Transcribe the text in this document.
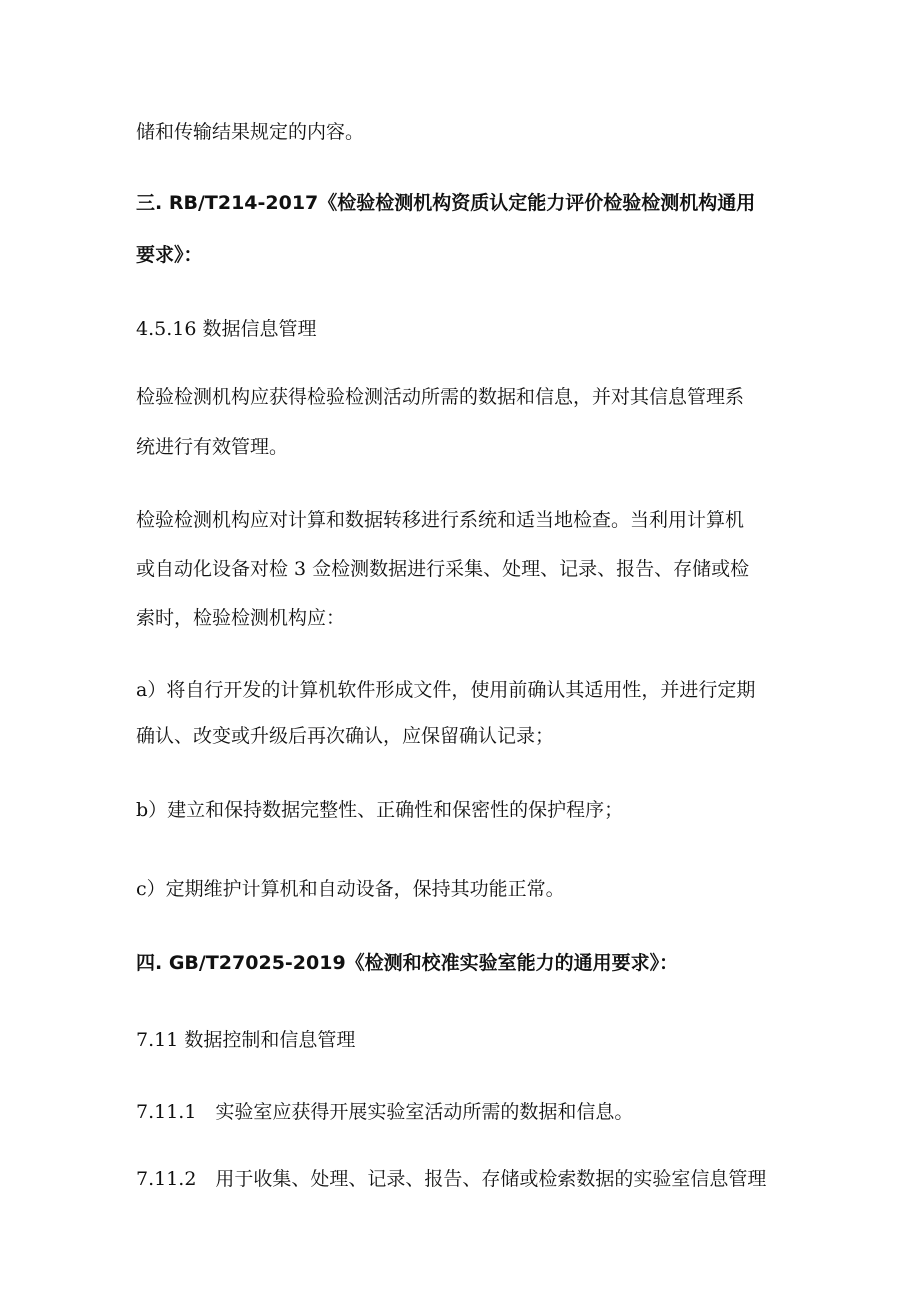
储和传输结果规定的内容。

三. RB/T214-2017《检验检测机构资质认定能力评价检验检测机构通用

要求》：

4.5.16 数据信息管理

检验检测机构应获得检验检测活动所需的数据和信息，并对其信息管理系

统进行有效管理。

检验检测机构应对计算和数据转移进行系统和适当地检查。当利用计算机

或自动化设备对检 3 佥检测数据进行采集、处理、记录、报告、存储或检

索时，检验检测机构应：

a）将自行开发的计算机软件形成文件，使用前确认其适用性，并进行定期

确认、改变或升级后再次确认，应保留确认记录；

b）建立和保持数据完整性、正确性和保密性的保护程序；

c）定期维护计算机和自动设备，保持其功能正常。

四. GB/T27025-2019《检测和校准实验室能力的通用要求》：

7.11 数据控制和信息管理

7.11.1　实验室应获得开展实验室活动所需的数据和信息。

7.11.2　用于收集、处理、记录、报告、存储或检索数据的实验室信息管理
